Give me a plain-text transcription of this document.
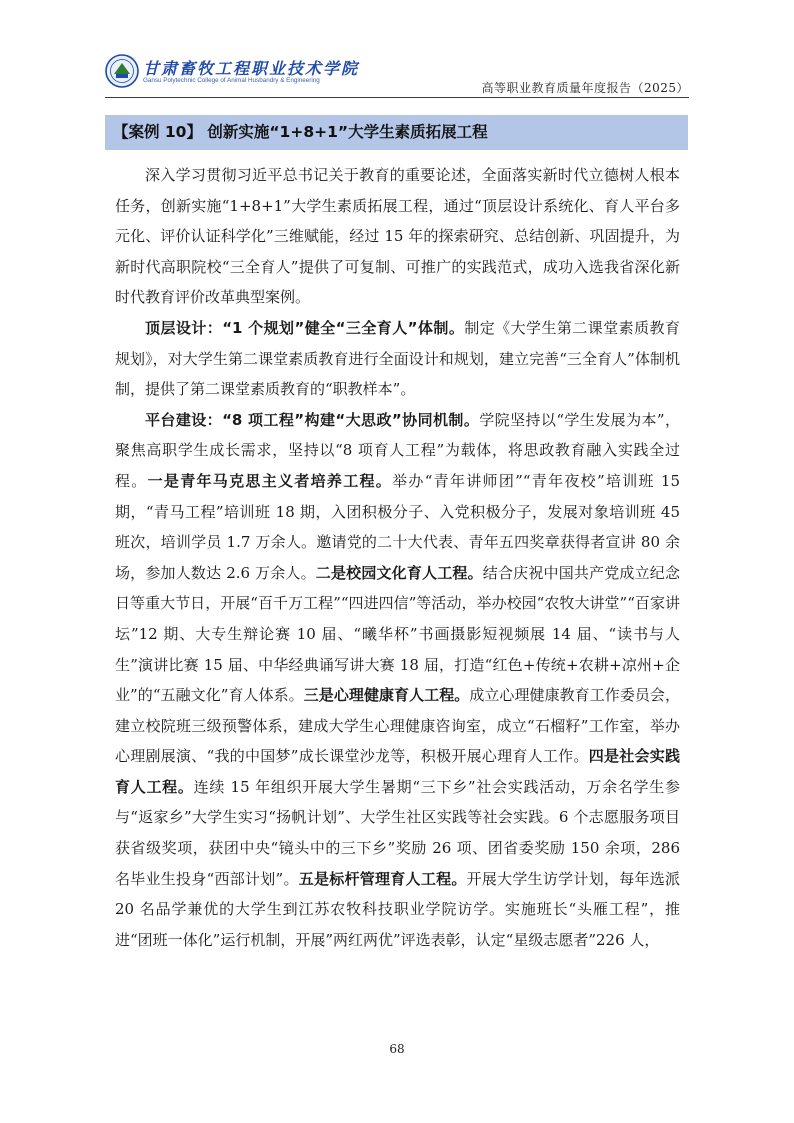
甘肃畜牧工程职业技术学院
Gansu Polytechnic College of Animal Husbandry & Engineering
高等职业教育质量年度报告（2025）
【案例 10】 创新实施“1+8+1”大学生素质拓展工程

深入学习贯彻习近平总书记关于教育的重要论述，全面落实新时代立德树人根本任务，创新实施“1+8+1”大学生素质拓展工程，通过“顶层设计系统化、育人平台多元化、评价认证科学化”三维赋能，经过 15 年的探索研究、总结创新、巩固提升，为新时代高职院校“三全育人”提供了可复制、可推广的实践范式，成功入选我省深化新时代教育评价改革典型案例。

顶层设计：“1 个规划”健全“三全育人”体制。制定《大学生第二课堂素质教育规划》，对大学生第二课堂素质教育进行全面设计和规划，建立完善“三全育人”体制机制，提供了第二课堂素质教育的“职教样本”。

平台建设：“8 项工程”构建“大思政”协同机制。学院坚持以“学生发展为本”，聚焦高职学生成长需求，坚持以“8 项育人工程”为载体，将思政教育融入实践全过程。一是青年马克思主义者培养工程。举办“青年讲师团”“青年夜校”培训班 15 期，“青马工程”培训班 18 期，入团积极分子、入党积极分子，发展对象培训班 45 班次，培训学员 1.7 万余人。邀请党的二十大代表、青年五四奖章获得者宣讲 80 余场，参加人数达 2.6 万余人。二是校园文化育人工程。结合庆祝中国共产党成立纪念日等重大节日，开展“百千万工程”“四进四信”等活动，举办校园“农牧大讲堂”“百家讲坛”12 期、大专生辩论赛 10 届、“曦华杯”书画摄影短视频展 14 届、“读书与人生”演讲比赛 15 届、中华经典诵写讲大赛 18 届，打造“红色+传统+农耕+凉州+企业”的“五融文化”育人体系。三是心理健康育人工程。成立心理健康教育工作委员会，建立校院班三级预警体系，建成大学生心理健康咨询室，成立“石榴籽”工作室，举办心理剧展演、“我的中国梦”成长课堂沙龙等，积极开展心理育人工作。四是社会实践育人工程。连续 15 年组织开展大学生暑期“三下乡”社会实践活动，万余名学生参与“返家乡”大学生实习“扬帆计划”、大学生社区实践等社会实践。6 个志愿服务项目获省级奖项，获团中央“镜头中的三下乡”奖励 26 项、团省委奖励 150 余项，286 名毕业生投身“西部计划”。五是标杆管理育人工程。开展大学生访学计划，每年选派 20 名品学兼优的大学生到江苏农牧科技职业学院访学。实施班长“头雁工程”，推进“团班一体化”运行机制，开展”两红两优”评选表彰，认定“星级志愿者”226 人，

68
